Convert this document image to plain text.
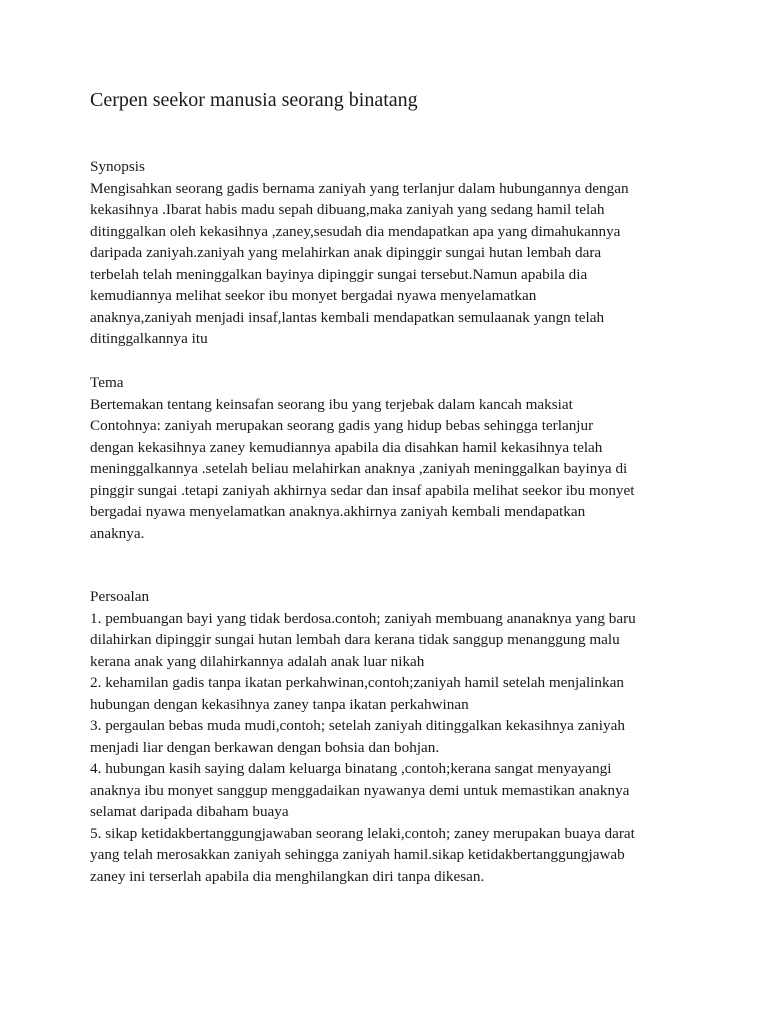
Cerpen seekor manusia seorang binatang

Synopsis

Mengisahkan seorang gadis bernama zaniyah yang terlanjur dalam hubungannya dengan

kekasihnya .Ibarat habis madu sepah dibuang,maka zaniyah yang sedang hamil telah

ditinggalkan oleh kekasihnya ,zaney,sesudah dia mendapatkan apa yang dimahukannya

daripada zaniyah.zaniyah yang melahirkan anak dipinggir sungai hutan lembah dara

terbelah telah meninggalkan bayinya dipinggir sungai tersebut.Namun apabila dia

kemudiannya melihat seekor ibu monyet bergadai nyawa menyelamatkan

anaknya,zaniyah menjadi insaf,lantas kembali mendapatkan semulaanak yangn telah

ditinggalkannya itu

Tema

Bertemakan tentang keinsafan seorang ibu yang terjebak dalam kancah maksiat

Contohnya: zaniyah merupakan seorang gadis yang hidup bebas sehingga terlanjur

dengan kekasihnya zaney kemudiannya apabila dia disahkan hamil kekasihnya telah

meninggalkannya .setelah beliau melahirkan anaknya ,zaniyah meninggalkan bayinya di

pinggir sungai .tetapi zaniyah akhirnya sedar dan insaf apabila melihat seekor ibu monyet

bergadai nyawa menyelamatkan anaknya.akhirnya zaniyah kembali mendapatkan

anaknya.

Persoalan

1. pembuangan bayi yang tidak berdosa.contoh; zaniyah membuang ananaknya yang baru

dilahirkan dipinggir sungai hutan lembah dara kerana tidak sanggup menanggung malu

kerana anak yang dilahirkannya adalah anak luar nikah

2. kehamilan gadis tanpa ikatan perkahwinan,contoh;zaniyah hamil setelah menjalinkan

hubungan dengan kekasihnya zaney tanpa ikatan perkahwinan

3. pergaulan bebas muda mudi,contoh; setelah zaniyah ditinggalkan kekasihnya zaniyah

menjadi liar dengan berkawan dengan bohsia dan bohjan.

4. hubungan kasih saying dalam keluarga binatang ,contoh;kerana sangat menyayangi

anaknya ibu monyet sanggup menggadaikan nyawanya demi untuk memastikan anaknya

selamat daripada dibaham buaya

5. sikap ketidakbertanggungjawaban seorang lelaki,contoh; zaney merupakan buaya darat

yang telah merosakkan zaniyah sehingga zaniyah hamil.sikap ketidakbertanggungjawab

zaney ini terserlah apabila dia menghilangkan diri tanpa dikesan.
